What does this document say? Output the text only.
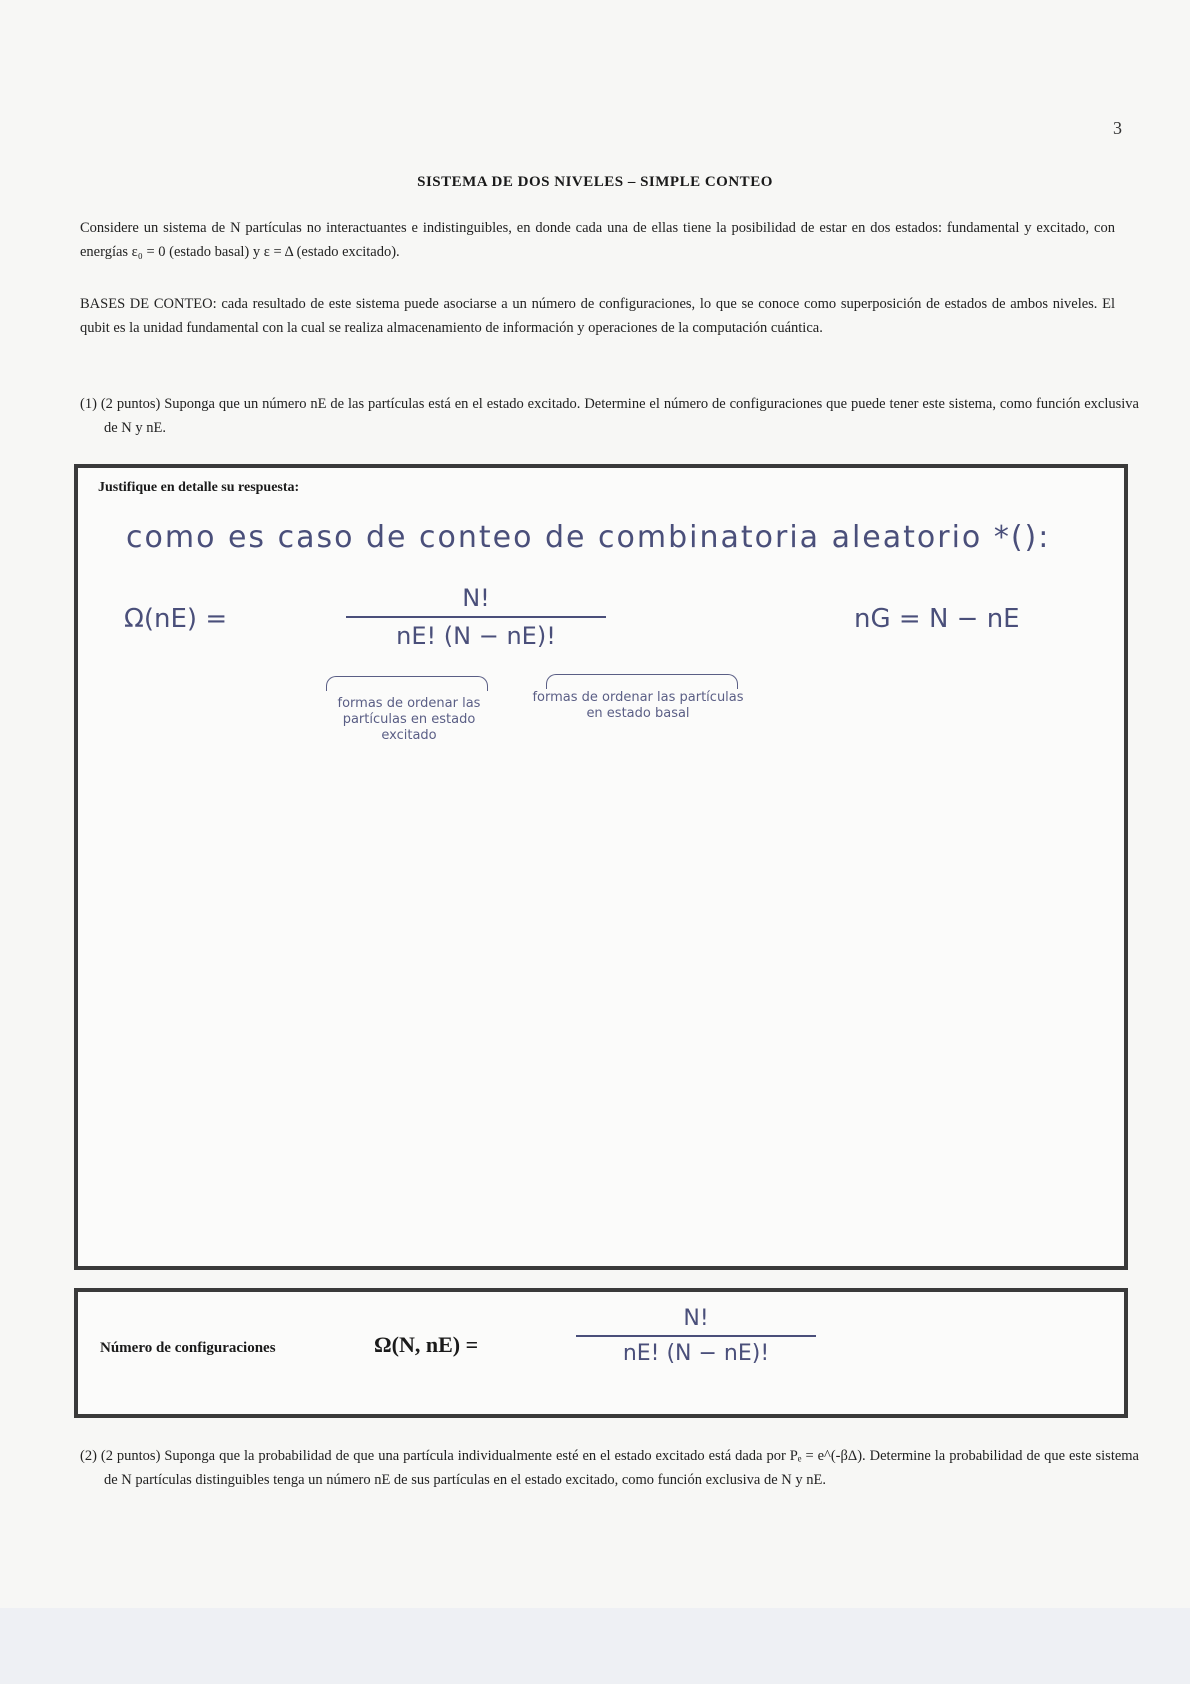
3
SISTEMA DE DOS NIVELES – SIMPLE CONTEO
Considere un sistema de N partículas no interactuantes e indistinguibles, en donde cada una de ellas tiene la posibilidad de estar en dos estados: fundamental y excitado, con energías ε₀ = 0 (estado basal) y ε = Δ (estado excitado).
BASES DE CONTEO: cada resultado de este sistema puede asociarse a un número de configuraciones, lo que se conoce como superposición de estados de ambos niveles. El qubit es la unidad fundamental con la cual se realiza almacenamiento de información y operaciones de la computación cuántica.
(1) (2 puntos) Suponga que un número nE de las partículas está en el estado excitado. Determine el número de configuraciones que puede tener este sistema, como función exclusiva de N y nE.
Justifique en detalle su respuesta:
como es caso de conteo de combinatoria aleatorio *():
Ω(nE) =
N!
nE! (N − nE)!
nG = N − nE
formas de ordenar las partículas en estado excitado
formas de ordenar las partículas en estado basal
Número de configuraciones	Ω(N, nE) =
N!
nE! (N − nE)!
(2) (2 puntos) Suponga que la probabilidad de que una partícula individualmente esté en el estado excitado está dada por Pₑ = e^(-βΔ). Determine la probabilidad de que este sistema de N partículas distinguibles tenga un número nE de sus partículas en el estado excitado, como función exclusiva de N y nE.
